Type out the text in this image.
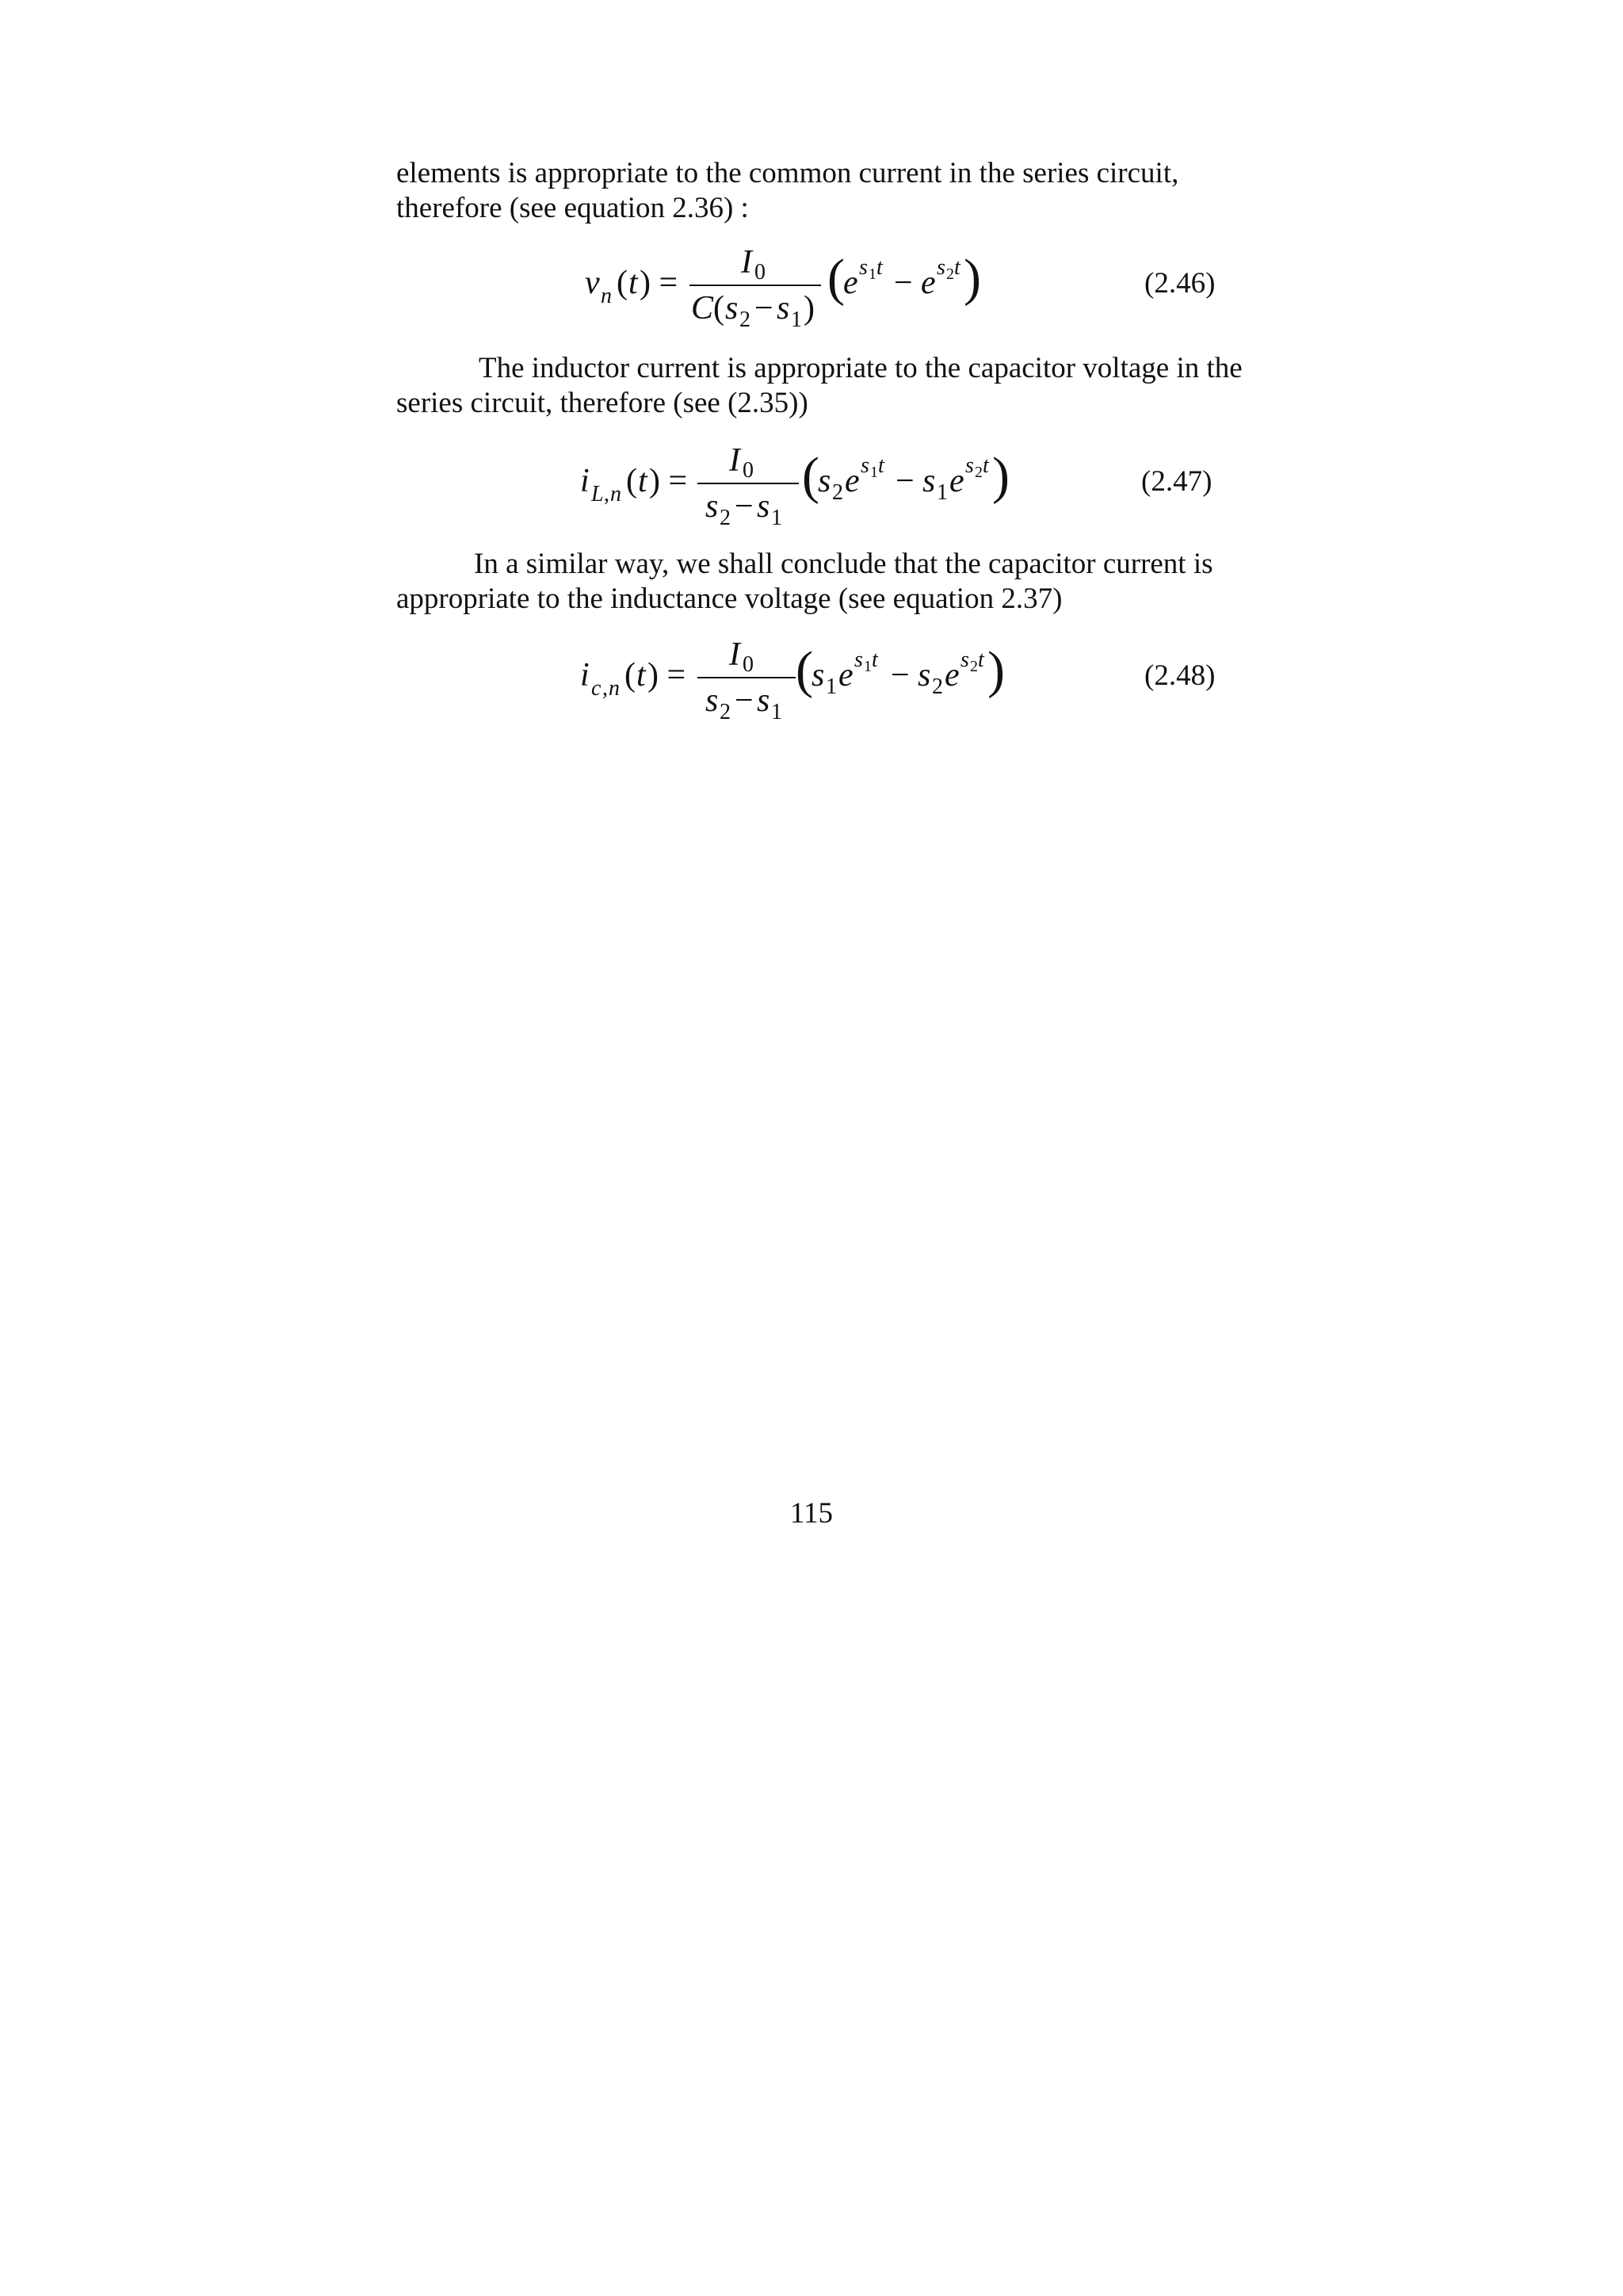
elements is appropriate to the common current in the series circuit,
therefore (see equation 2.36) :

v n ( t ) =
I 0
C ( s 2 − s 1 )
(
e s 1 t − e s 2 t )	(2.46)

The inductor current is appropriate to the capacitor voltage in the
series circuit, therefore (see (2.35))

i L , n ( t ) =
I 0
s 2 − s 1
(
s 2 e s 1 t − s 1 e s 2 t )	(2.47)

In a similar way, we shall conclude that the capacitor current is
appropriate to the inductance voltage (see equation 2.37)

i c , n ( t ) =
I 0
s 2 − s 1
(
s 1 e s 1 t − s 2 e s 2 t )	(2.48)
115
